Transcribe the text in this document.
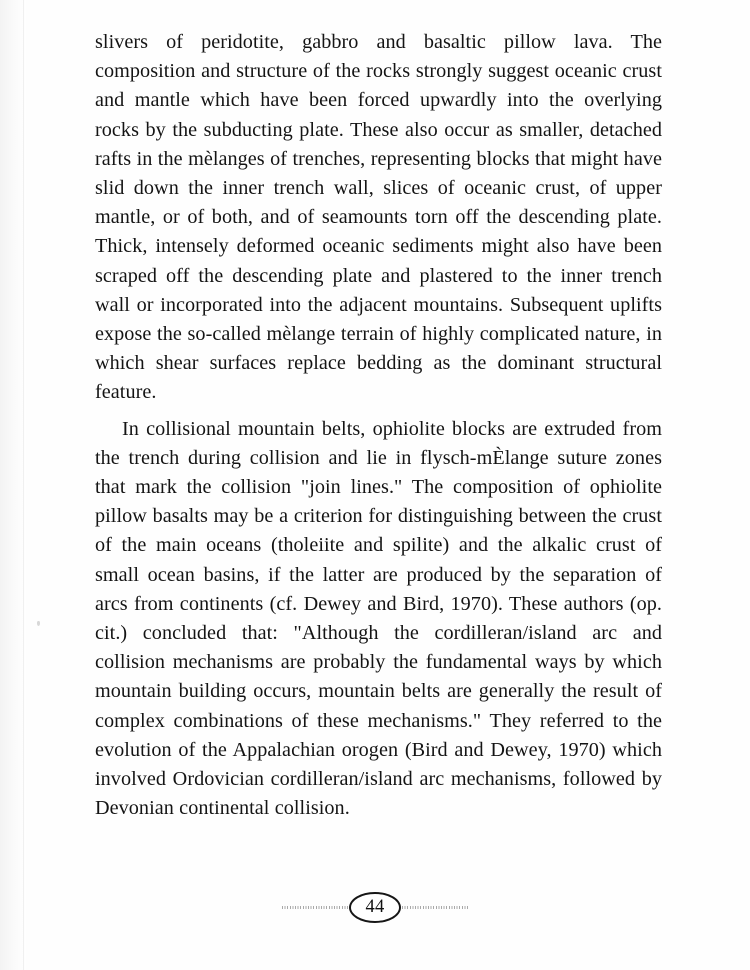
slivers of peridotite, gabbro and basaltic pillow lava. The composition and structure of the rocks strongly suggest oceanic crust and mantle which have been forced upwardly into the overlying rocks by the subducting plate. These also occur as smaller, detached rafts in the mèlanges of trenches, representing blocks that might have slid down the inner trench wall, slices of oceanic crust, of upper mantle, or of both, and of seamounts torn off the descending plate. Thick, intensely deformed oceanic sediments might also have been scraped off the descending plate and plastered to the inner trench wall or incorporated into the adjacent mountains. Subsequent uplifts expose the so-called mèlange terrain of highly complicated nature, in which shear surfaces replace bedding as the dominant structural feature.

In collisional mountain belts, ophiolite blocks are extruded from the trench during collision and lie in flysch-mÈlange suture zones that mark the collision "join lines." The composition of ophiolite pillow basalts may be a criterion for distinguishing between the crust of the main oceans (tholeiite and spilite) and the alkalic crust of small ocean basins, if the latter are produced by the separation of arcs from continents (cf. Dewey and Bird, 1970). These authors (op. cit.) concluded that: "Although the cordilleran/island arc and collision mechanisms are probably the fundamental ways by which mountain building occurs, mountain belts are generally the result of complex combinations of these mechanisms." They referred to the evolution of the Appalachian orogen (Bird and Dewey, 1970) which involved Ordovician cordilleran/island arc mechanisms, followed by Devonian continental collision.

44
